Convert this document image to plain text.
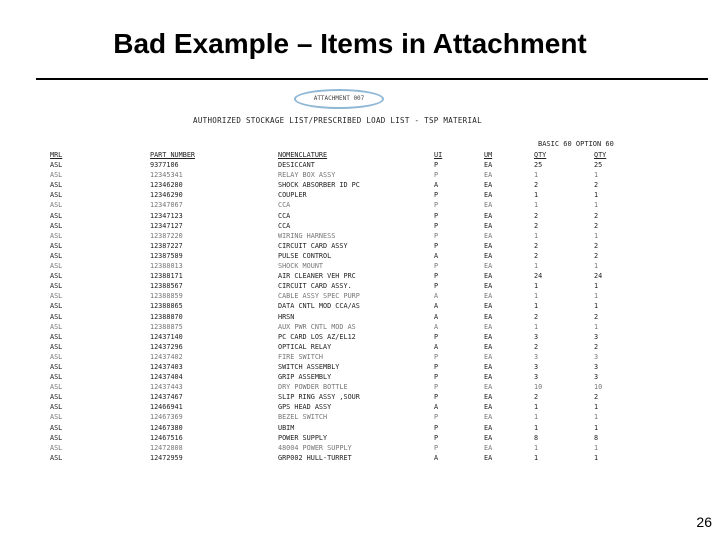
Bad Example – Items in Attachment
ATTACHMENT 007
AUTHORIZED STOCKAGE LIST/PRESCRIBED LOAD LIST - TSP MATERIAL
BASIC 60 OPTION 60
MRL	PART NUMBER	NOMENCLATURE	UI	UM	QTY	QTY
ASL	9377106	DESICCANT	P	EA	25	25
ASL	12345341	RELAY BOX ASSY	P	EA	1	1
ASL	12346280	SHOCK ABSORBER ID PC	A	EA	2	2
ASL	12346290	COUPLER	P	EA	1	1
ASL	12347067	CCA	P	EA	1	1
ASL	12347123	CCA	P	EA	2	2
ASL	12347127	CCA	P	EA	2	2
ASL	12387220	WIRING HARNESS	P	EA	1	1
ASL	12387227	CIRCUIT CARD ASSY	P	EA	2	2
ASL	12387589	PULSE CONTROL	A	EA	2	2
ASL	12388013	SHOCK MOUNT	P	EA	1	1
ASL	12388171	AIR CLEANER VEH PRC	P	EA	24	24
ASL	12388567	CIRCUIT CARD ASSY.	P	EA	1	1
ASL	12388859	CABLE ASSY SPEC PURP	A	EA	1	1
ASL	12388865	DATA CNTL MOD CCA/AS	A	EA	1	1
ASL	12388870	HRSN	A	EA	2	2
ASL	12388875	AUX PWR CNTL MOD AS	A	EA	1	1
ASL	12437140	PC CARD LOS AZ/EL12	P	EA	3	3
ASL	12437296	OPTICAL RELAY	A	EA	2	2
ASL	12437402	FIRE SWITCH	P	EA	3	3
ASL	12437403	SWITCH ASSEMBLY	P	EA	3	3
ASL	12437404	GRIP ASSEMBLY	P	EA	3	3
ASL	12437443	DRY POWDER BOTTLE	P	EA	10	10
ASL	12437467	SLIP RING ASSY ,SOUR	P	EA	2	2
ASL	12466941	GPS HEAD ASSY	A	EA	1	1
ASL	12467369	BEZEL SWITCH	P	EA	1	1
ASL	12467380	UBIM	P	EA	1	1
ASL	12467516	POWER SUPPLY	P	EA	8	8
ASL	12472808	48004 POWER SUPPLY	P	EA	1	1
ASL	12472959	GRP002 HULL-TURRET	A	EA	1	1
26
